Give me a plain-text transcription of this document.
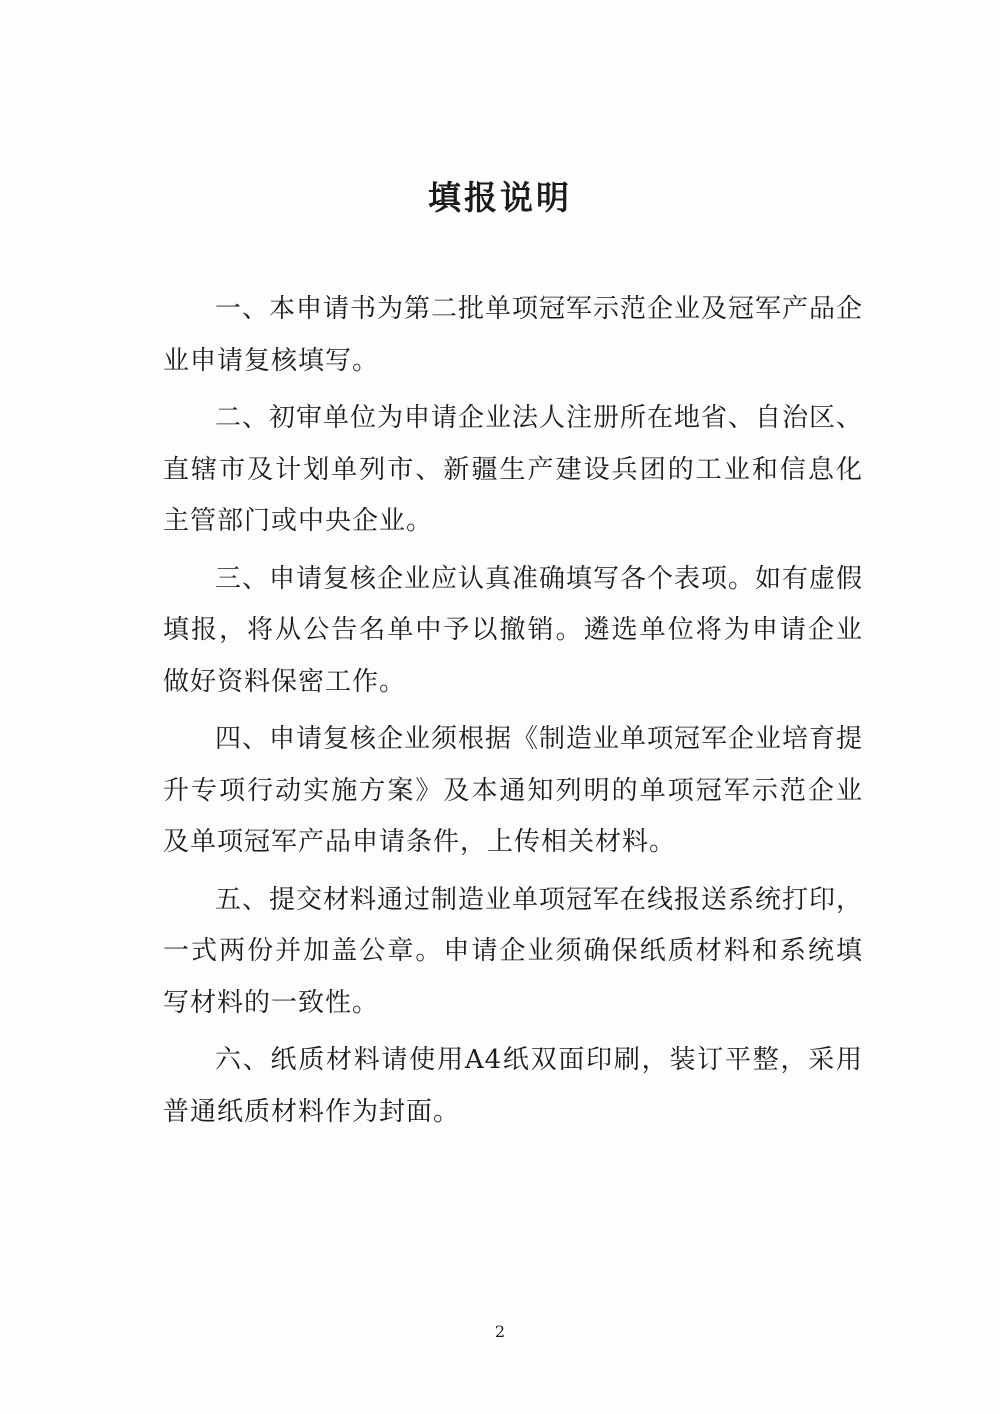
填报说明

一、本申请书为第二批单项冠军示范企业及冠军产品企业申请复核填写。

二、初审单位为申请企业法人注册所在地省、自治区、直辖市及计划单列市、新疆生产建设兵团的工业和信息化主管部门或中央企业。

三、申请复核企业应认真准确填写各个表项。如有虚假填报，将从公告名单中予以撤销。遴选单位将为申请企业做好资料保密工作。

四、申请复核企业须根据《制造业单项冠军企业培育提升专项行动实施方案》及本通知列明的单项冠军示范企业及单项冠军产品申请条件，上传相关材料。

五、提交材料通过制造业单项冠军在线报送系统打印，一式两份并加盖公章。申请企业须确保纸质材料和系统填写材料的一致性。

六、纸质材料请使用A4纸双面印刷，装订平整，采用普通纸质材料作为封面。

2
